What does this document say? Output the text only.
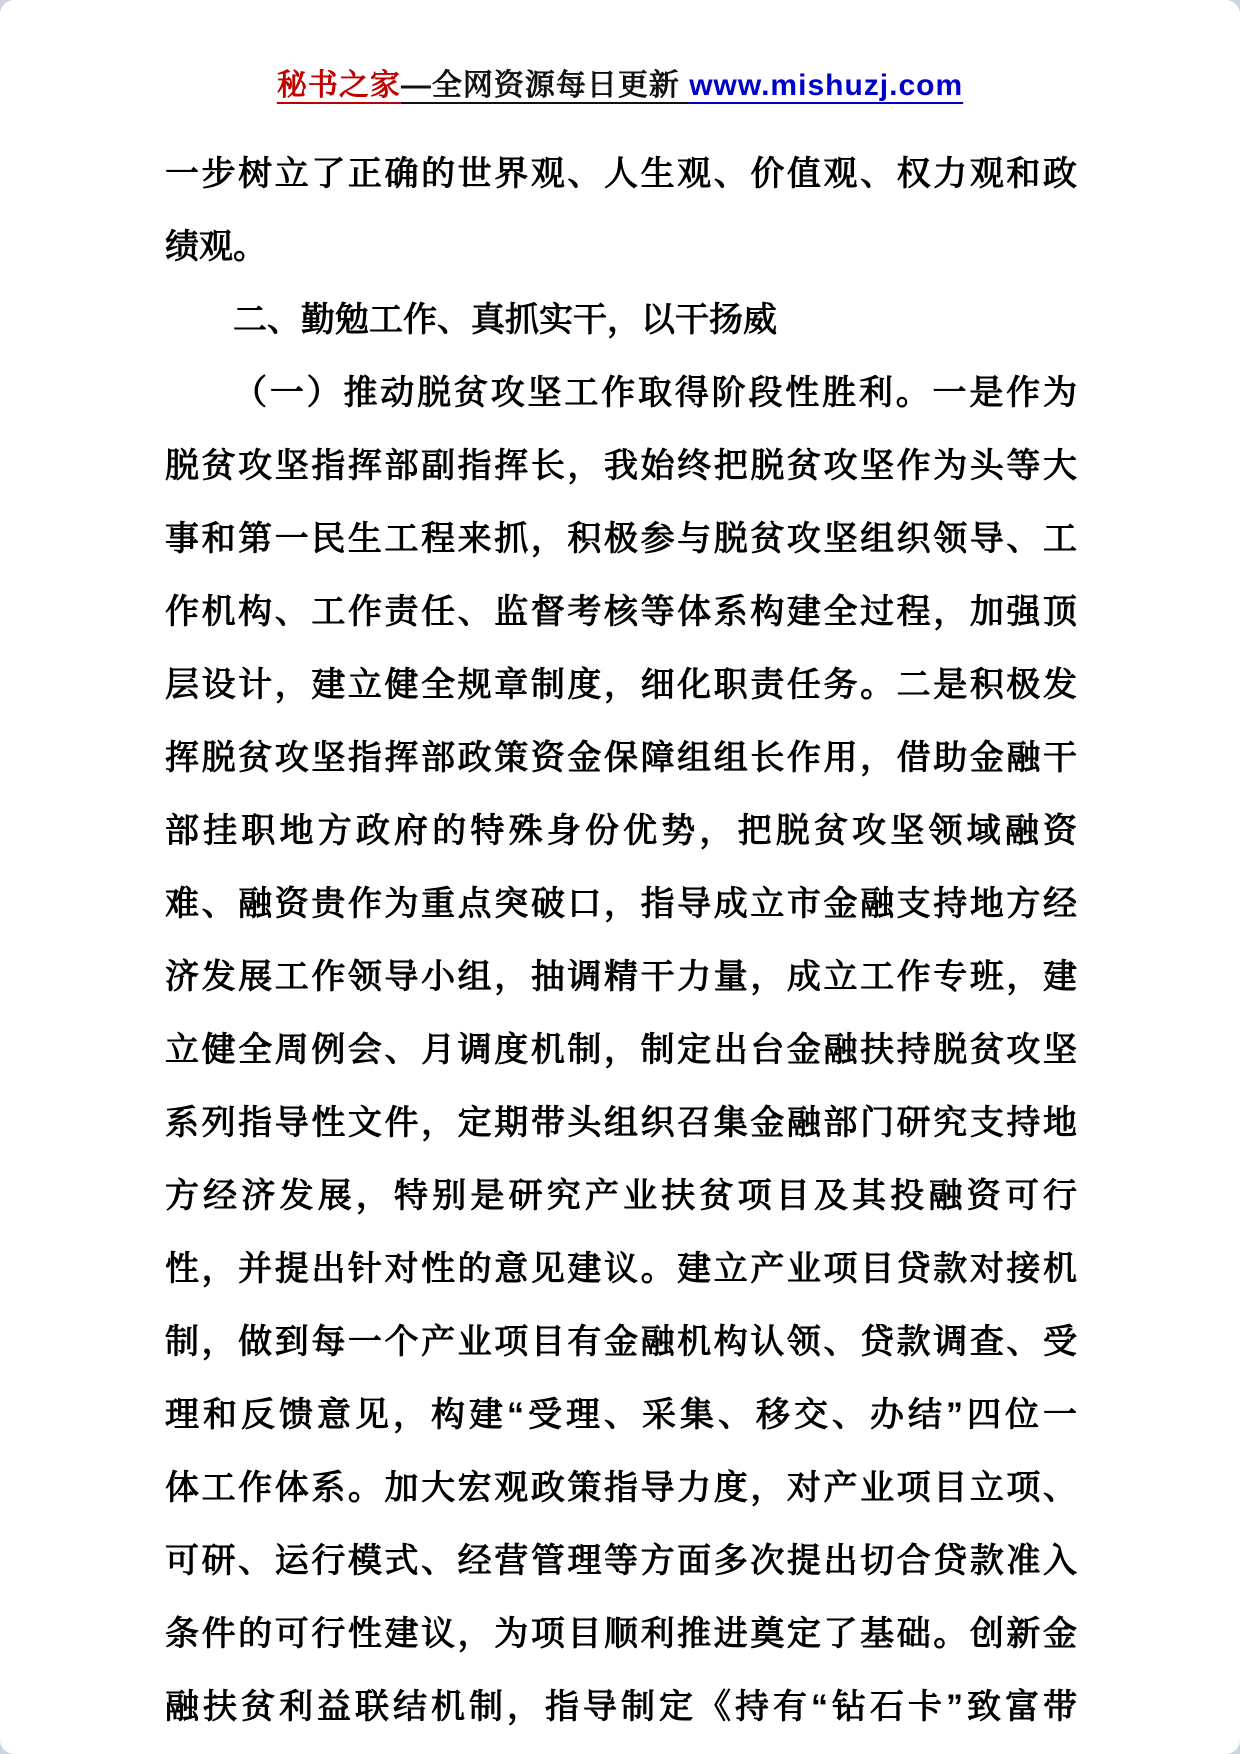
秘书之家—全网资源每日更新 www.mishuzj.com
一步树立了正确的世界观、人生观、价值观、权力观和政
绩观。
二、勤勉工作、真抓实干，以干扬威
（一）推动脱贫攻坚工作取得阶段性胜利。一是作为
脱贫攻坚指挥部副指挥长，我始终把脱贫攻坚作为头等大
事和第一民生工程来抓，积极参与脱贫攻坚组织领导、工
作机构、工作责任、监督考核等体系构建全过程，加强顶
层设计，建立健全规章制度，细化职责任务。二是积极发
挥脱贫攻坚指挥部政策资金保障组组长作用，借助金融干
部挂职地方政府的特殊身份优势，把脱贫攻坚领域融资
难、融资贵作为重点突破口，指导成立市金融支持地方经
济发展工作领导小组，抽调精干力量，成立工作专班，建
立健全周例会、月调度机制，制定出台金融扶持脱贫攻坚
系列指导性文件，定期带头组织召集金融部门研究支持地
方经济发展，特别是研究产业扶贫项目及其投融资可行
性，并提出针对性的意见建议。建立产业项目贷款对接机
制，做到每一个产业项目有金融机构认领、贷款调查、受
理和反馈意见，构建“受理、采集、移交、办结”四位一
体工作体系。加大宏观政策指导力度，对产业项目立项、
可研、运行模式、经营管理等方面多次提出切合贷款准入
条件的可行性建议，为项目顺利推进奠定了基础。创新金
融扶贫利益联结机制，指导制定《持有“钻石卡”致富带
